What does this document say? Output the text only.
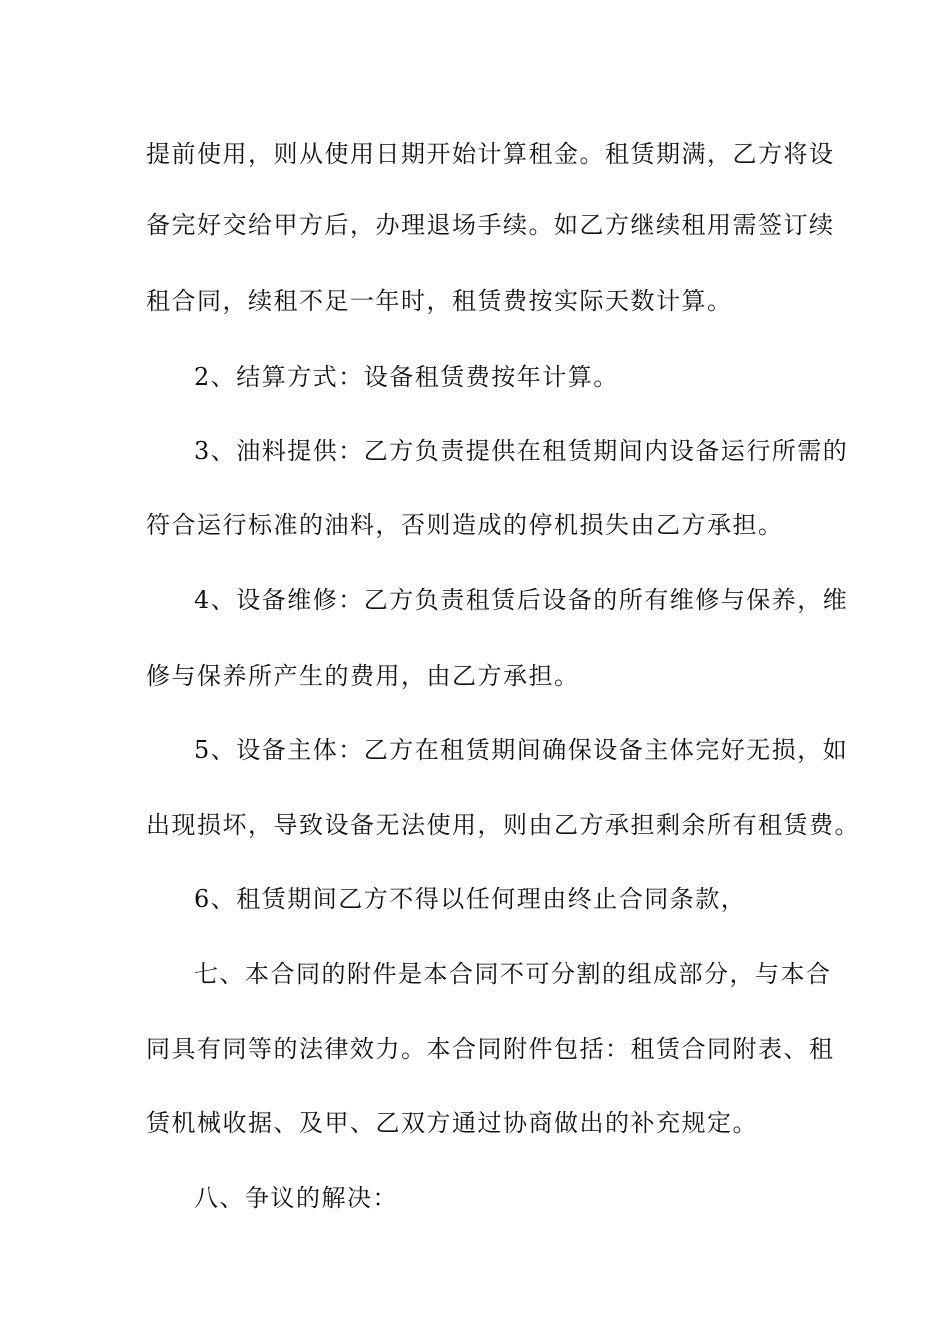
提前使用，则从使用日期开始计算租金。租赁期满，乙方将设
备完好交给甲方后，办理退场手续。如乙方继续租用需签订续
租合同，续租不足一年时，租赁费按实际天数计算。
2、结算方式：设备租赁费按年计算。
3、油料提供：乙方负责提供在租赁期间内设备运行所需的
符合运行标准的油料，否则造成的停机损失由乙方承担。
4、设备维修：乙方负责租赁后设备的所有维修与保养，维
修与保养所产生的费用，由乙方承担。
5、设备主体：乙方在租赁期间确保设备主体完好无损，如
出现损坏，导致设备无法使用，则由乙方承担剩余所有租赁费。
6、租赁期间乙方不得以任何理由终止合同条款，
七、本合同的附件是本合同不可分割的组成部分，与本合
同具有同等的法律效力。本合同附件包括：租赁合同附表、租
赁机械收据、及甲、乙双方通过协商做出的补充规定。
八、争议的解决：
